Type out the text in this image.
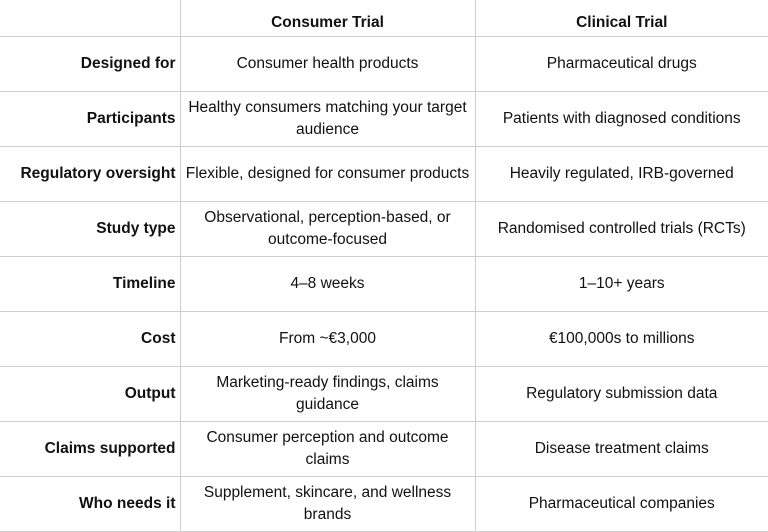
	Consumer Trial	Clinical Trial
Designed for	Consumer health products	Pharmaceutical drugs
Participants	Healthy consumers matching your target audience	Patients with diagnosed conditions
Regulatory oversight	Flexible, designed for consumer products	Heavily regulated, IRB-governed
Study type	Observational, perception-based, or outcome-focused	Randomised controlled trials (RCTs)
Timeline	4–8 weeks	1–10+ years
Cost	From ~€3,000	€100,000s to millions
Output	Marketing-ready findings, claims guidance	Regulatory submission data
Claims supported	Consumer perception and outcome claims	Disease treatment claims
Who needs it	Supplement, skincare, and wellness brands	Pharmaceutical companies
